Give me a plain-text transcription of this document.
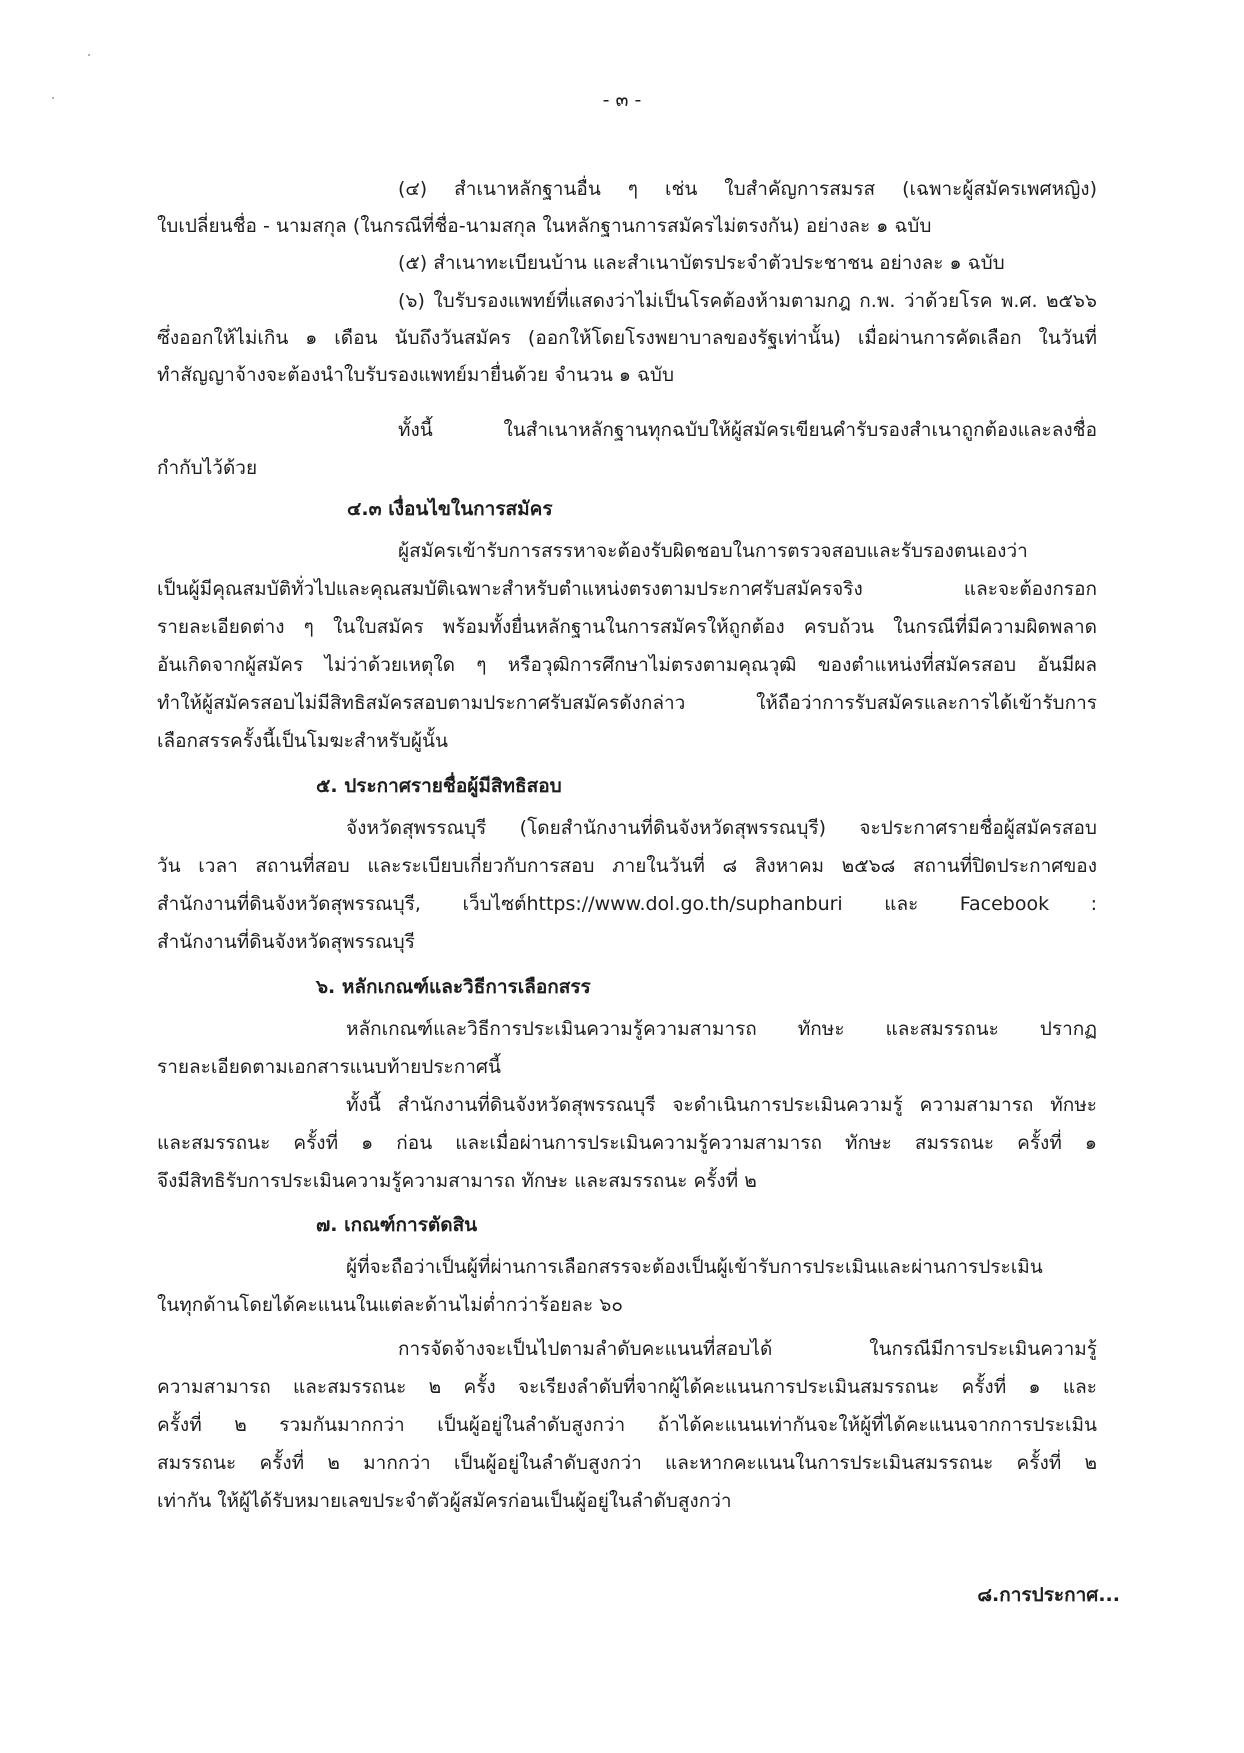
- ๓ -
(๔) สำเนาหลักฐานอื่น ๆ เช่น ใบสำคัญการสมรส (เฉพาะผู้สมัครเพศหญิง)
ใบเปลี่ยนชื่อ - นามสกุล (ในกรณีที่ชื่อ-นามสกุล ในหลักฐานการสมัครไม่ตรงกัน) อย่างละ ๑ ฉบับ
(๕) สำเนาทะเบียนบ้าน และสำเนาบัตรประจำตัวประชาชน อย่างละ ๑ ฉบับ
(๖) ใบรับรองแพทย์ที่แสดงว่าไม่เป็นโรคต้องห้ามตามกฎ ก.พ. ว่าด้วยโรค พ.ศ. ๒๕๖๖
ซึ่งออกให้ไม่เกิน ๑ เดือน นับถึงวันสมัคร (ออกให้โดยโรงพยาบาลของรัฐเท่านั้น) เมื่อผ่านการคัดเลือก ในวันที่
ทำสัญญาจ้างจะต้องนำใบรับรองแพทย์มายื่นด้วย จำนวน ๑ ฉบับ
ทั้งนี้ ในสำเนาหลักฐานทุกฉบับให้ผู้สมัครเขียนคำรับรองสำเนาถูกต้องและลงชื่อ
กำกับไว้ด้วย
๔.๓ เงื่อนไขในการสมัคร
ผู้สมัครเข้ารับการสรรหาจะต้องรับผิดชอบในการตรวจสอบและรับรองตนเองว่า
เป็นผู้มีคุณสมบัติทั่วไปและคุณสมบัติเฉพาะสำหรับตำแหน่งตรงตามประกาศรับสมัครจริง และจะต้องกรอก
รายละเอียดต่าง ๆ ในใบสมัคร พร้อมทั้งยื่นหลักฐานในการสมัครให้ถูกต้อง ครบถ้วน ในกรณีที่มีความผิดพลาด
อันเกิดจากผู้สมัคร ไม่ว่าด้วยเหตุใด ๆ หรือวุฒิการศึกษาไม่ตรงตามคุณวุฒิ ของตำแหน่งที่สมัครสอบ อันมีผล
ทำให้ผู้สมัครสอบไม่มีสิทธิสมัครสอบตามประกาศรับสมัครดังกล่าว ให้ถือว่าการรับสมัครและการได้เข้ารับการ
เลือกสรรครั้งนี้เป็นโมฆะสำหรับผู้นั้น
๕. ประกาศรายชื่อผู้มีสิทธิสอบ
จังหวัดสุพรรณบุรี (โดยสำนักงานที่ดินจังหวัดสุพรรณบุรี) จะประกาศรายชื่อผู้สมัครสอบ
วัน เวลา สถานที่สอบ และระเบียบเกี่ยวกับการสอบ ภายในวันที่ ๘ สิงหาคม ๒๕๖๘ สถานที่ปิดประกาศของ
สำนักงานที่ดินจังหวัดสุพรรณบุรี, เว็บไซต์https://www.dol.go.th/suphanburi และ Facebook :
สำนักงานที่ดินจังหวัดสุพรรณบุรี
๖. หลักเกณฑ์และวิธีการเลือกสรร
หลักเกณฑ์และวิธีการประเมินความรู้ความสามารถ ทักษะ และสมรรถนะ ปรากฏ
รายละเอียดตามเอกสารแนบท้ายประกาศนี้
ทั้งนี้ สำนักงานที่ดินจังหวัดสุพรรณบุรี จะดำเนินการประเมินความรู้ ความสามารถ ทักษะ
และสมรรถนะ ครั้งที่ ๑ ก่อน และเมื่อผ่านการประเมินความรู้ความสามารถ ทักษะ สมรรถนะ ครั้งที่ ๑
จึงมีสิทธิรับการประเมินความรู้ความสามารถ ทักษะ และสมรรถนะ ครั้งที่ ๒
๗. เกณฑ์การตัดสิน
ผู้ที่จะถือว่าเป็นผู้ที่ผ่านการเลือกสรรจะต้องเป็นผู้เข้ารับการประเมินและผ่านการประเมิน
ในทุกด้านโดยได้คะแนนในแต่ละด้านไม่ต่ำกว่าร้อยละ ๖๐
การจัดจ้างจะเป็นไปตามลำดับคะแนนที่สอบได้ ในกรณีมีการประเมินความรู้
ความสามารถ และสมรรถนะ ๒ ครั้ง จะเรียงลำดับที่จากผู้ได้คะแนนการประเมินสมรรถนะ ครั้งที่ ๑ และ
ครั้งที่ ๒ รวมกันมากกว่า เป็นผู้อยู่ในลำดับสูงกว่า ถ้าได้คะแนนเท่ากันจะให้ผู้ที่ได้คะแนนจากการประเมิน
สมรรถนะ ครั้งที่ ๒ มากกว่า เป็นผู้อยู่ในลำดับสูงกว่า และหากคะแนนในการประเมินสมรรถนะ ครั้งที่ ๒
เท่ากัน ให้ผู้ได้รับหมายเลขประจำตัวผู้สมัครก่อนเป็นผู้อยู่ในลำดับสูงกว่า
๘.การประกาศ...
